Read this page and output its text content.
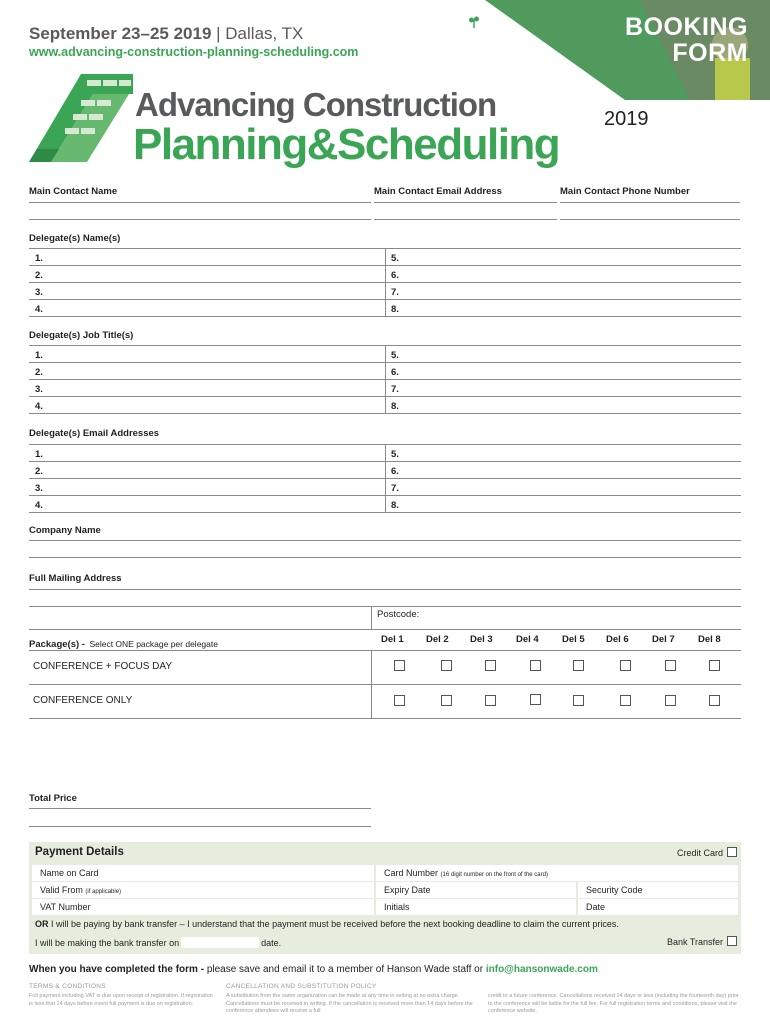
September 23–25 2019 | Dallas, TX
www.advancing-construction-planning-scheduling.com
BOOKING
FORM
Advancing Construction
Planning&Scheduling
2019
Main Contact Name	Main Contact Email Address	Main Contact Phone Number
Delegate(s) Name(s)
1.
2.
3.
4.
5.
6.
7.
8.
Delegate(s) Job Title(s)
1.
2.
3.
4.
5.
6.
7.
8.
Delegate(s) Email Addresses
1.
2.
3.
4.
5.
6.
7.
8.
Company Name
Full Mailing Address
Postcode:
Package(s) - Select ONE package per delegate	Del 1 Del 2 Del 3 Del 4 Del 5 Del 6 Del 7 Del 8
CONFERENCE + FOCUS DAY
CONFERENCE ONLY
Total Price
Payment Details	Credit Card
Name on Card	Card Number (16 digit number on the front of the card)
Valid From (if applicable)	Expiry Date	Security Code
VAT Number	Initials	Date
OR I will be paying by bank transfer – I understand that the payment must be received before the next booking deadline to claim the current prices.
I will be making the bank transfer on	date.	Bank Transfer
When you have completed the form - please save and email it to a member of Hanson Wade staff or info@hansonwade.com
TERMS & CONDITIONS
Full payment including VAT is due upon receipt of registration. If registration is less that 14 days before event full payment is due on registration.
CANCELLATION AND SUBSTITUTION POLICY
A substitution from the same organization can be made at any time in writing at no extra charge. Cancellations must be received in writing. If the cancellation is received more than 14 days before the conference attendees will receive a full
credit to a future conference. Cancellations received 14 days or less (including the fourteenth day) prior to the conference will be liable for the full fee. For full registration terms and conditions, please visit the conference website.
